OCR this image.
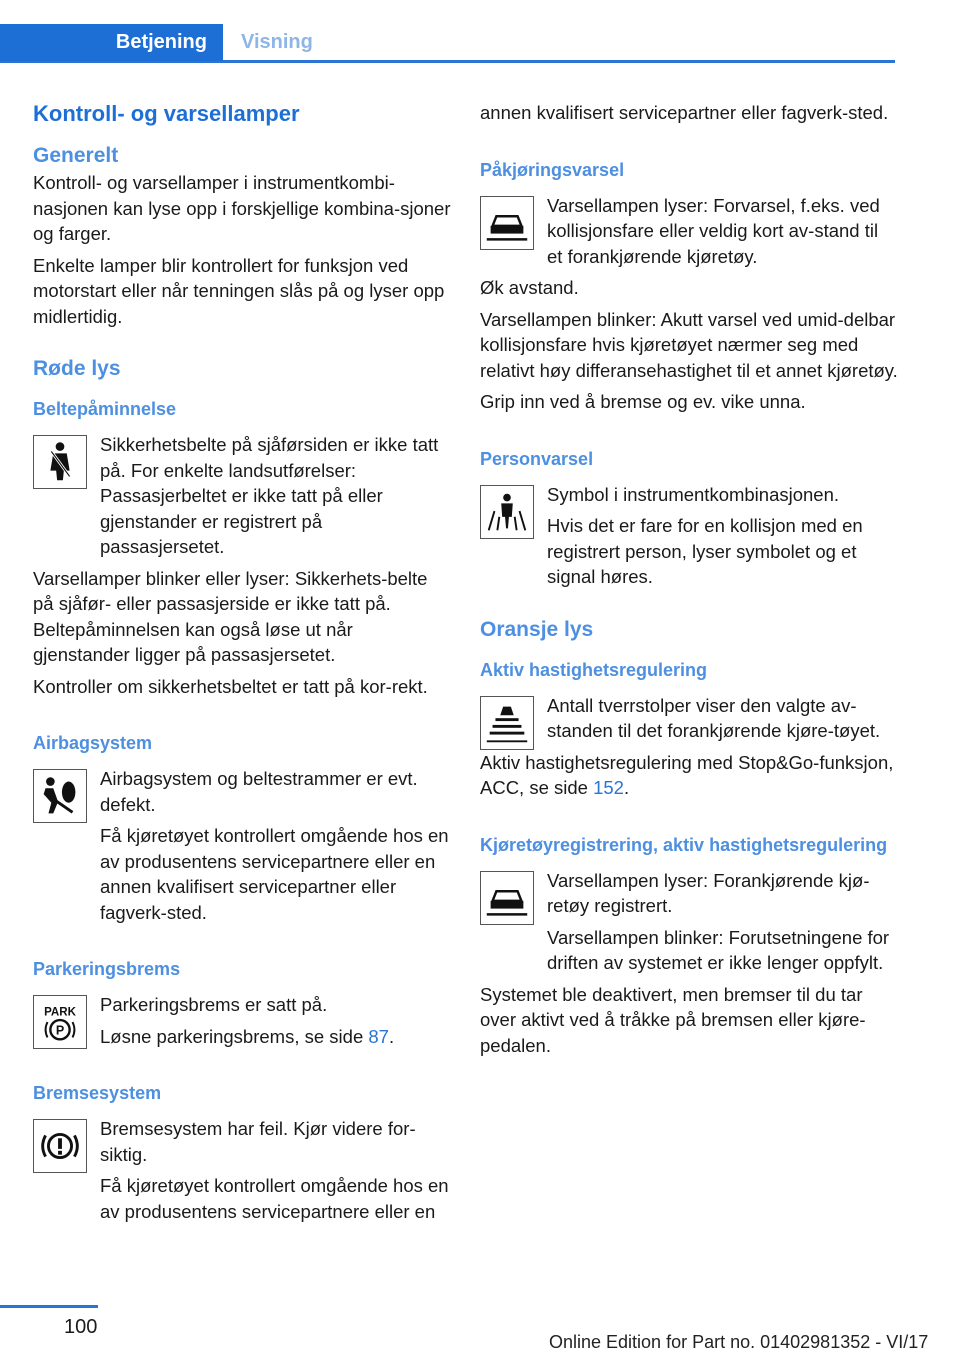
Betjening	Visning
Kontroll- og varsellamper
Generelt

Kontroll- og varsellamper i instrumentkombi-nasjonen kan lyse opp i forskjellige kombina-sjoner og farger.

Enkelte lamper blir kontrollert for funksjon ved motorstart eller når tenningen slås på og lyser opp midlertidig.

Røde lys
Beltepåminnelse

Sikkerhetsbelte på sjåførsiden er ikke tatt på. For enkelte landsutførelser: Passasjerbeltet er ikke tatt på eller gjenstander er registrert på passasjersetet.

Varsellamper blinker eller lyser: Sikkerhets-belte på sjåfør- eller passasjerside er ikke tatt på. Beltepåminnelsen kan også løse ut når gjenstander ligger på passasjersetet.

Kontroller om sikkerhetsbeltet er tatt på kor-rekt.

Airbagsystem

Airbagsystem og beltestrammer er evt. defekt.

Få kjøretøyet kontrollert omgående hos en av produsentens servicepartnere eller en annen kvalifisert servicepartner eller fagverk-sted.

Parkeringsbrems
PARK
P

Parkeringsbrems er satt på.

Løsne parkeringsbrems, se side 87.

Bremsesystem

Bremsesystem har feil. Kjør videre for-siktig.

Få kjøretøyet kontrollert omgående hos en av produsentens servicepartnere eller en

annen kvalifisert servicepartner eller fagverk-sted.

Påkjøringsvarsel

Varsellampen lyser: Forvarsel, f.eks. ved kollisjonsfare eller veldig kort av-stand til et forankjørende kjøretøy.

Øk avstand.

Varsellampen blinker: Akutt varsel ved umid-delbar kollisjonsfare hvis kjøretøyet nærmer seg med relativt høy differansehastighet til et annet kjøretøy.

Grip inn ved å bremse og ev. vike unna.

Personvarsel

Symbol i instrumentkombinasjonen.

Hvis det er fare for en kollisjon med en registrert person, lyser symbolet og et signal høres.

Oransje lys
Aktiv hastighetsregulering

Antall tverrstolper viser den valgte av-standen til det forankjørende kjøre-tøyet.

Aktiv hastighetsregulering med Stop&Go-funksjon, ACC, se side 152.

Kjøretøyregistrering, aktiv hastighetsregulering

Varsellampen lyser: Forankjørende kjø-retøy registrert.

Varsellampen blinker: Forutsetningene for driften av systemet er ikke lenger oppfylt.

Systemet ble deaktivert, men bremser til du tar over aktivt ved å tråkke på bremsen eller kjøre-pedalen.

100
Online Edition for Part no. 01402981352 - VI/17
